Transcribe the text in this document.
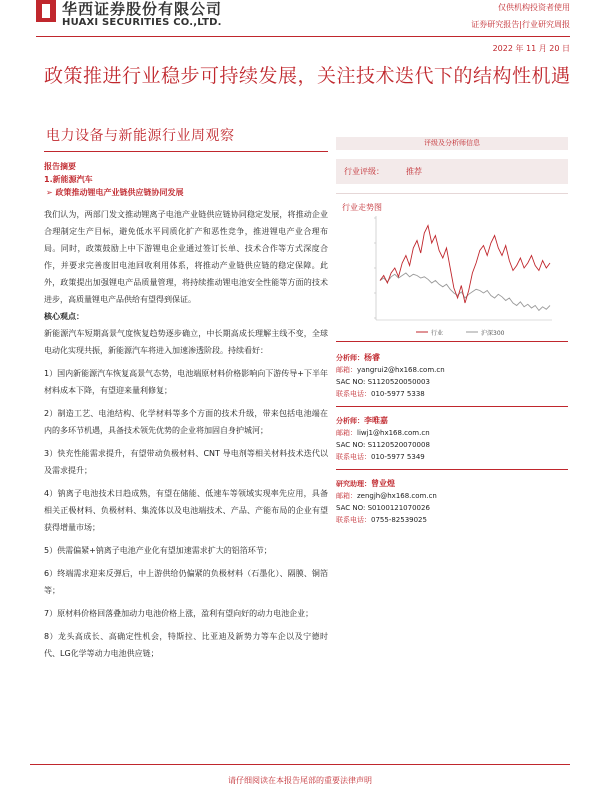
华西证券股份有限公司
HUAXI SECURITIES CO.,LTD.
仅供机构投资者使用
证券研究报告|行业研究周报
2022 年 11 月 20 日
政策推进行业稳步可持续发展，关注技术迭代下的结构性机遇
电力设备与新能源行业周观察
报告摘要
1.新能源汽车
➢ 政策推动锂电产业链供应链协同发展

我们认为，两部门发文推动锂离子电池产业链供应链协同稳定发展，将推动企业合理制定生产目标，避免低水平同质化扩产和恶性竞争，推进锂电产业合理布局。同时，政策鼓励上中下游锂电企业通过签订长单、技术合作等方式深度合作，并要求完善废旧电池回收利用体系，将推动产业链供应链的稳定保障。此外，政策提出加强锂电产品质量管理，将持续推动锂电池安全性能等方面的技术进步，高质量锂电产品供给有望得到保证。

核心观点：

新能源汽车短期高景气度恢复趋势逐步确立，中长期高成长理解主线不变，全球电动化实现共振，新能源汽车将进入加速渗透阶段。持续看好：

1）国内新能源汽车恢复高景气态势，电池端原材料价格影响向下游传导+下半年材料成本下降，有望迎来量利修复；

2）制造工艺、电池结构、化学材料等多个方面的技术升级，带来包括电池端在内的多环节机遇，具备技术领先优势的企业将加固自身护城河；

3）快充性能需求提升，有望带动负极材料、CNT 导电剂等相关材料技术迭代以及需求提升；

4）钠离子电池技术日趋成熟，有望在储能、低速车等领域实现率先应用，具备相关正极材料、负极材料、集流体以及电池端技术、产品、产能布局的企业有望获得增量市场；

5）供需偏紧+钠离子电池产业化有望加速需求扩大的铝箔环节；

6）终端需求迎来反弹后，中上游供给仍偏紧的负极材料（石墨化）、隔膜、铜箔等；

7）原材料价格回落叠加动力电池价格上涨，盈利有望向好的动力电池企业；

8）龙头高成长、高确定性机会，特斯拉、比亚迪及新势力等车企以及宁德时代、LG化学等动力电池供应链；

评级及分析师信息
行业评级：	推荐
行业走势图
行业	沪深300
分析师：杨睿
邮箱：yangrui2@hx168.com.cn
SAC NO: S1120520050003
联系电话：010-5977 5338
分析师：李唯嘉
邮箱：liwj1@hx168.com.cn
SAC NO: S1120520070008
联系电话：010-5977 5349
研究助理：曾业煌
邮箱：zengjh@hx168.com.cn
SAC NO: S0100121070026
联系电话：0755-82539025
请仔细阅读在本报告尾部的重要法律声明
